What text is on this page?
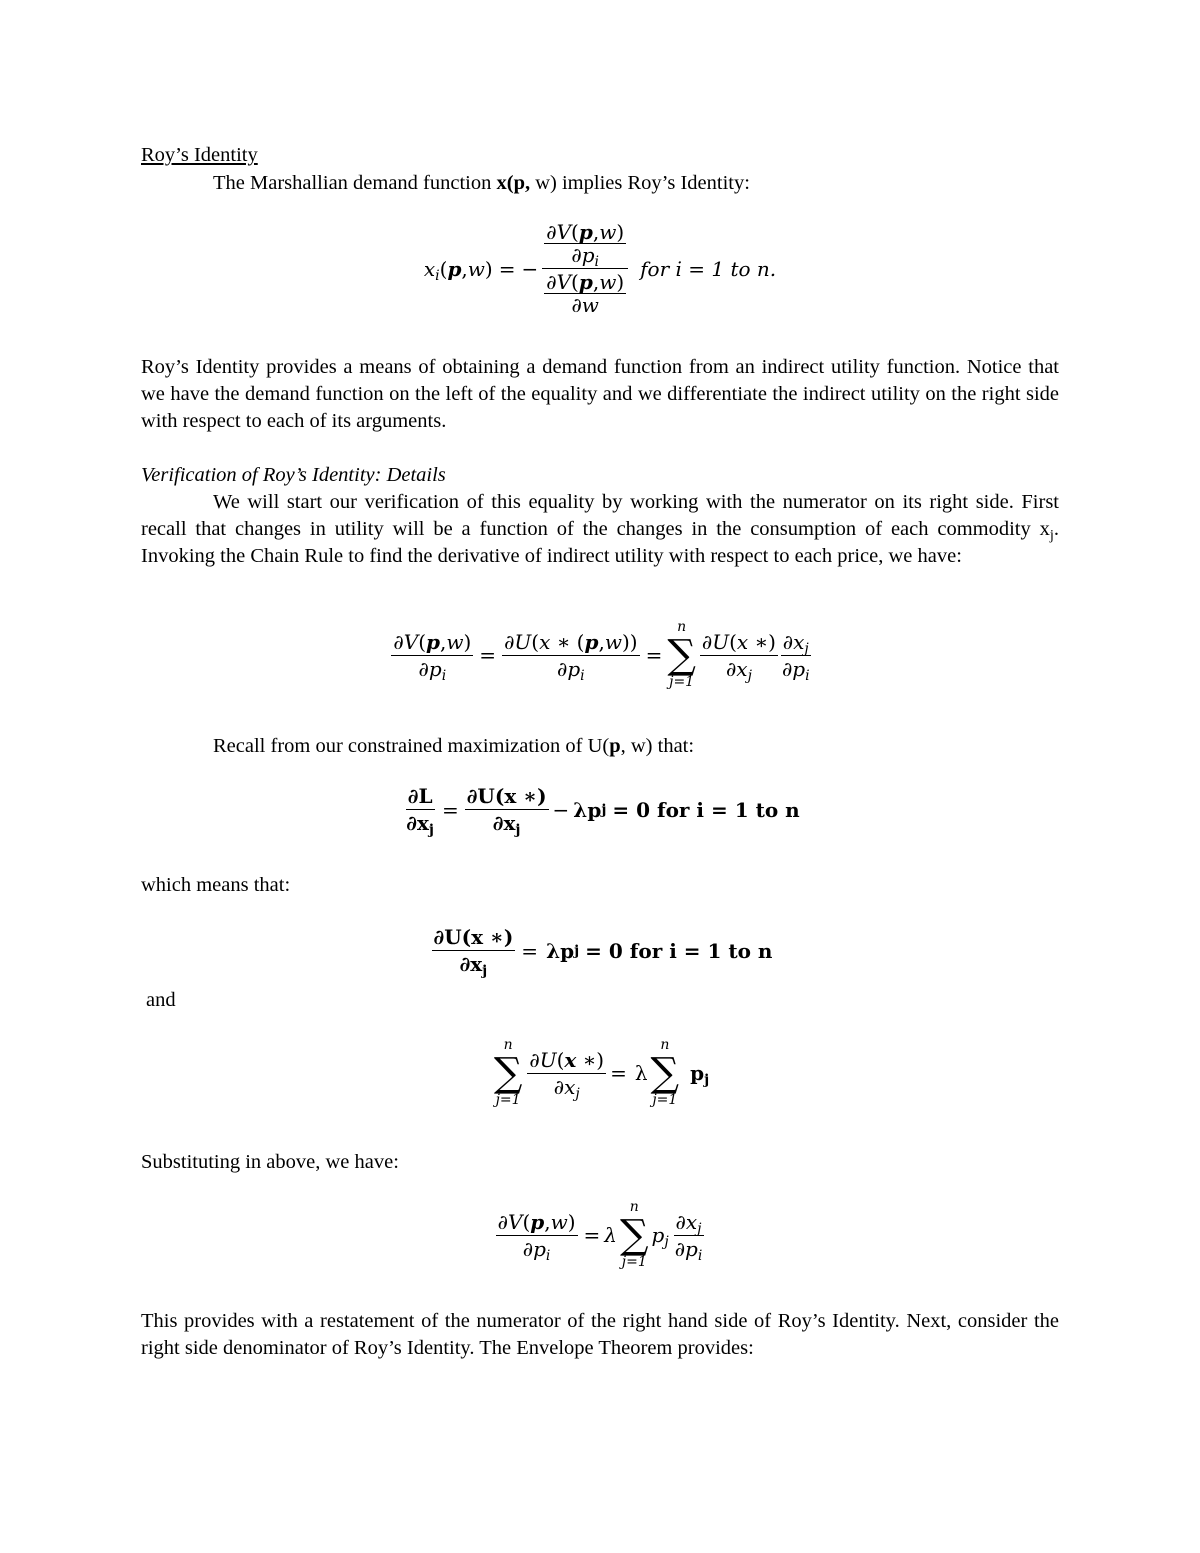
Roy’s Identity
The Marshallian demand function x(p, w) implies Roy’s Identity:
$x_i$ ( p , w ) = − $\frac{\frac{\partial V(p,w)}{\partial p_i}}{\frac{\partial V(p,w)}{\partial w}}$ for i = 1 to n.
Roy’s Identity provides a means of obtaining a demand function from an indirect utility function. Notice that we have the demand function on the left of the equality and we differentiate the indirect utility on the right side with respect to each of its arguments.
Verification of Roy’s Identity: Details
We will start our verification of this equality by working with the numerator on its right side. First recall that changes in utility will be a function of the changes in the consumption of each commodity $x_j$. Invoking the Chain Rule to find the derivative of indirect utility with respect to each price, we have:
$\frac{\partial V(p,w)}{\partial p_i} = \frac{\partial U(x ∗ (p,w))}{\partial p_i}$ =
n
∑
j=1
$\frac{\partial U(x ∗)}{\partial x_j} \frac{\partial x_j}{\partial p_i}$
Recall from our constrained maximization of U(p, w) that:
$\frac{\partial L}{\partial x_j} = \frac{\partial U(x ∗)}{\partial x_j} - \lambda p$ j = 0 for i = 1 to n
which means that:
$\frac{\partial U(x ∗)}{\partial x_j} = \lambda p$ j = 0 for i = 1 to n
and
n
∑
j=1
$\frac{\partial U(x ∗)}{\partial x_j} = \lambda$
n
∑
j=1
$p_j$
Substituting in above, we have:
$\frac{\partial V(p,w)}{\partial p_i} = \lambda$
n
∑
j=1
$p_j \frac{\partial x_j}{\partial p_i}$
This provides with a restatement of the numerator of the right hand side of Roy’s Identity. Next, consider the right side denominator of Roy’s Identity. The Envelope Theorem provides:
